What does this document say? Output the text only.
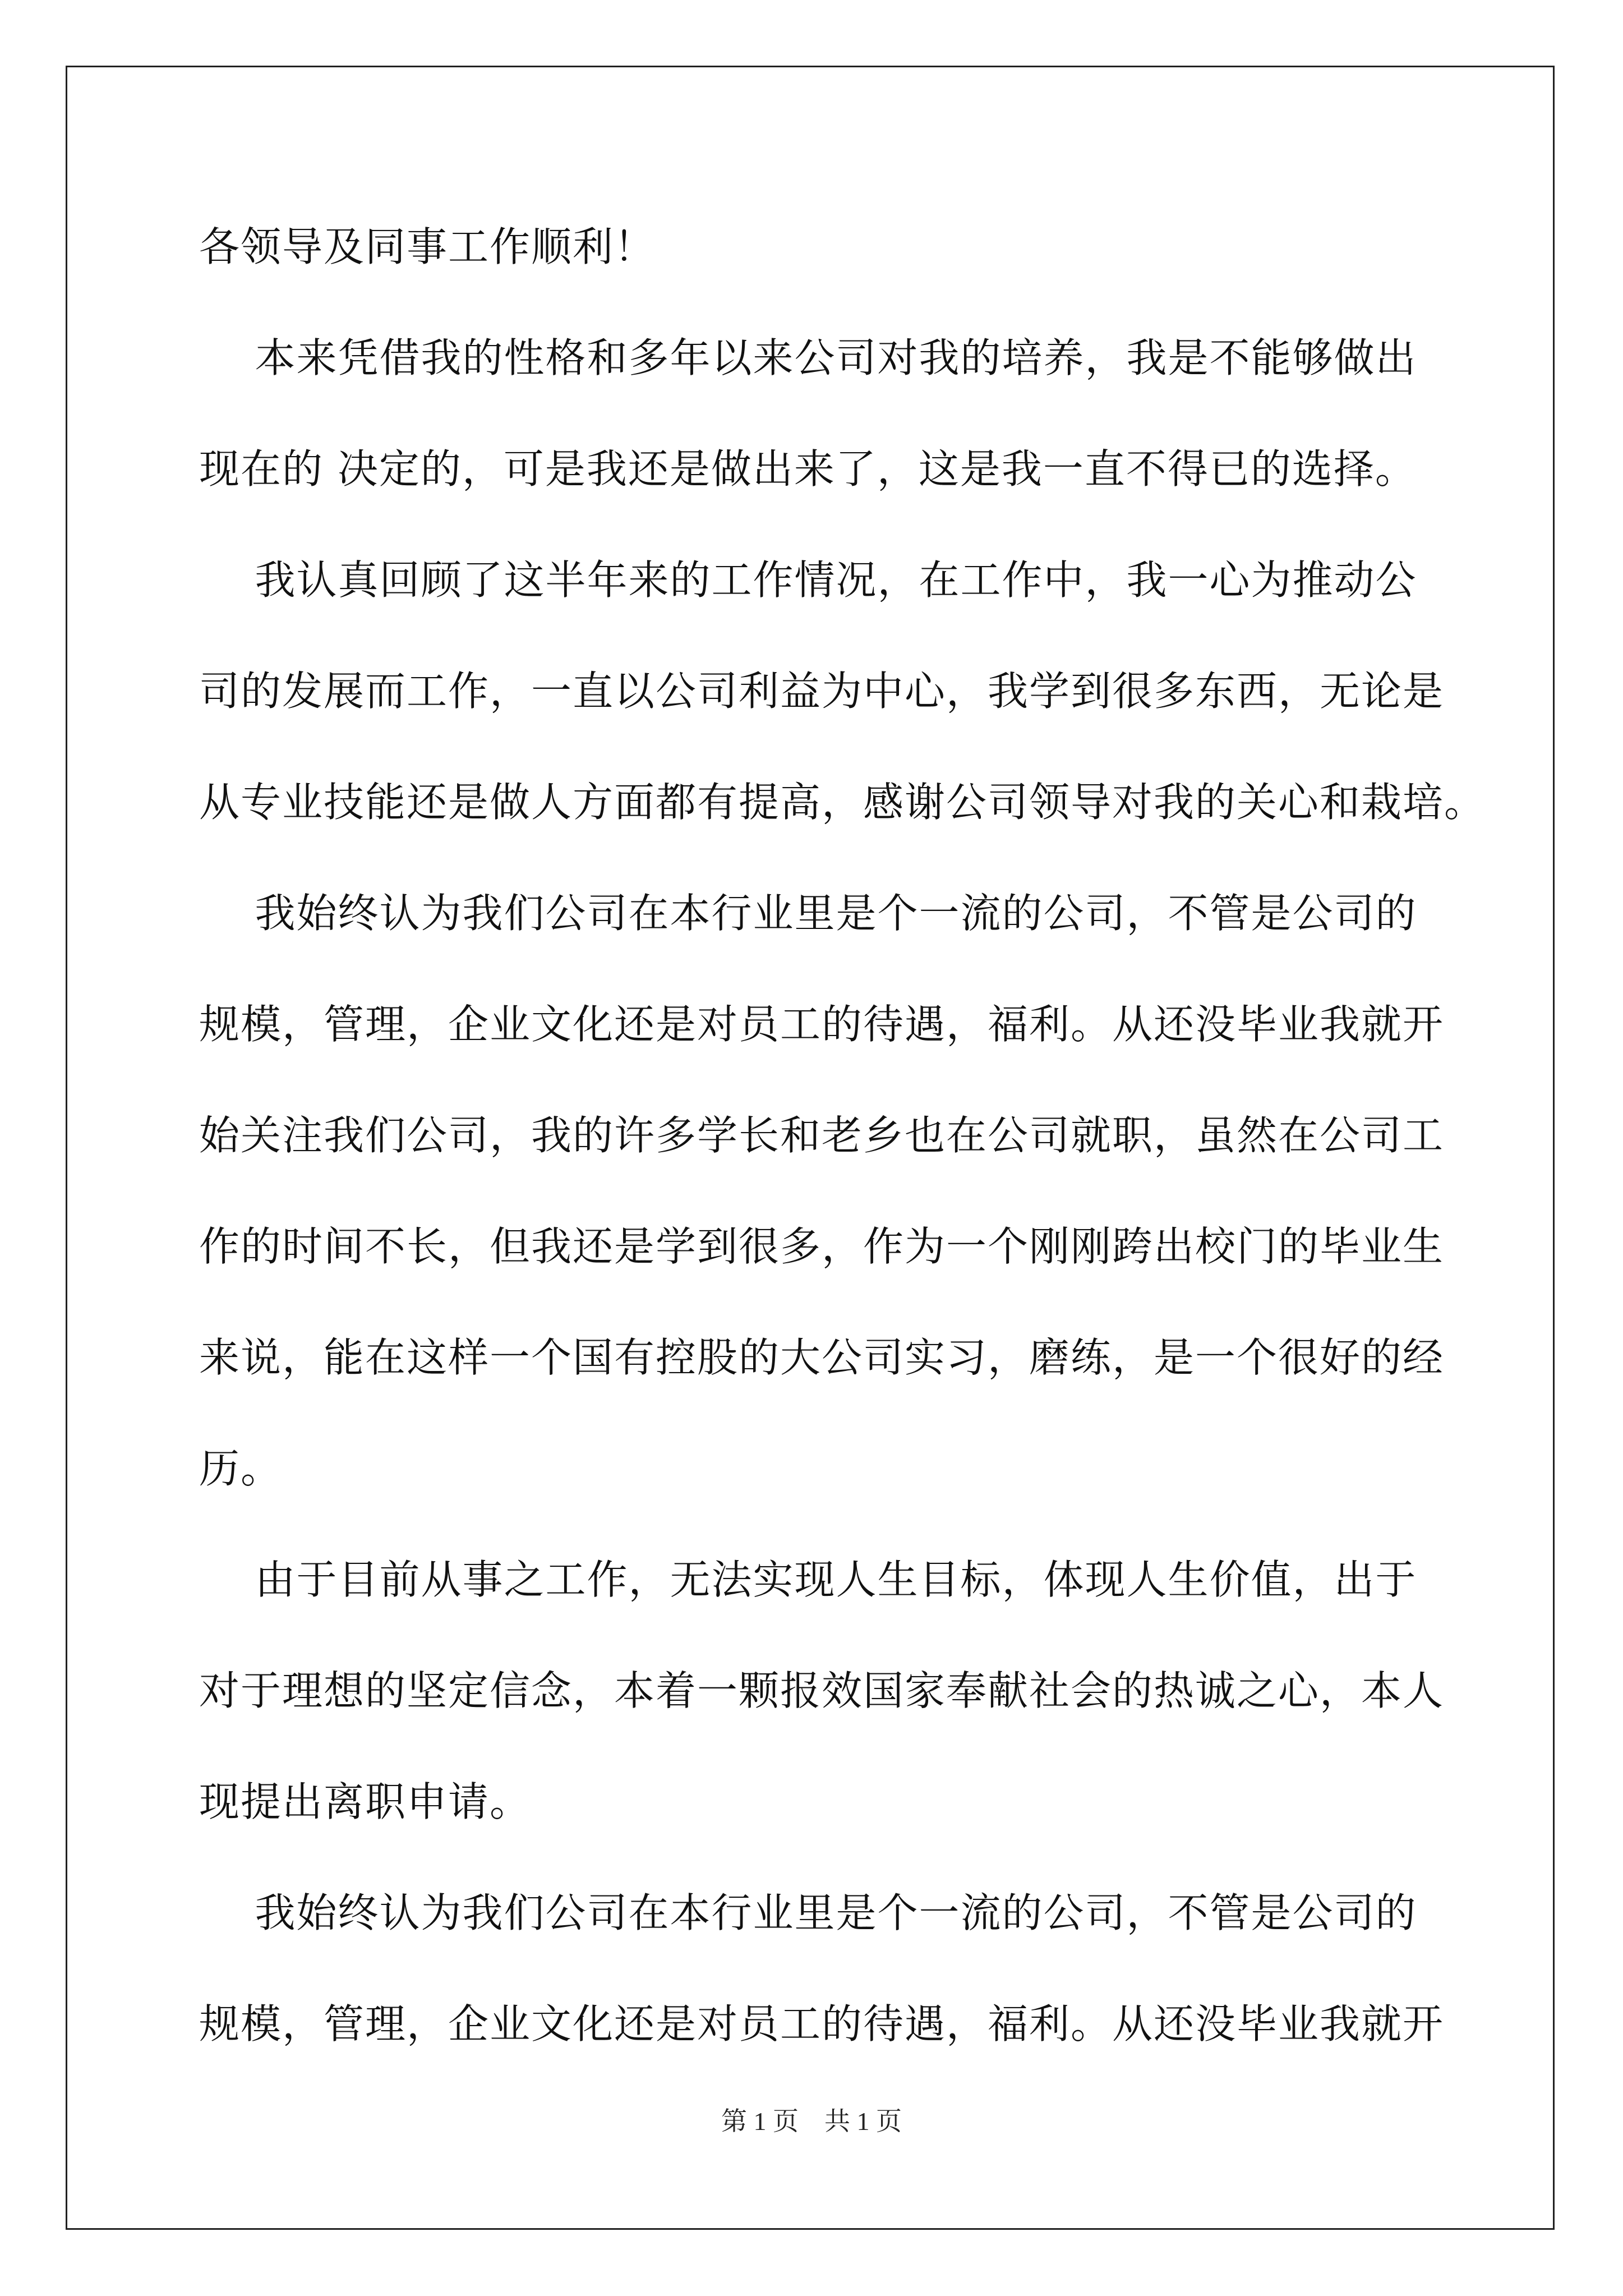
各领导及同事工作顺利！
本来凭借我的性格和多年以来公司对我的培养，我是不能够做出
现在的 决定的，可是我还是做出来了，这是我一直不得已的选择。
我认真回顾了这半年来的工作情况，在工作中，我一心为推动公
司的发展而工作，一直以公司利益为中心，我学到很多东西，无论是
从专业技能还是做人方面都有提高，感谢公司领导对我的关心和栽培。
我始终认为我们公司在本行业里是个一流的公司，不管是公司的
规模，管理，企业文化还是对员工的待遇，福利。从还没毕业我就开
始关注我们公司，我的许多学长和老乡也在公司就职，虽然在公司工
作的时间不长，但我还是学到很多，作为一个刚刚跨出校门的毕业生
来说，能在这样一个国有控股的大公司实习，磨练，是一个很好的经
历。
由于目前从事之工作，无法实现人生目标，体现人生价值，出于
对于理想的坚定信念，本着一颗报效国家奉献社会的热诚之心，本人
现提出离职申请。
我始终认为我们公司在本行业里是个一流的公司，不管是公司的
规模，管理，企业文化还是对员工的待遇，福利。从还没毕业我就开
第 1 页 共 1 页
